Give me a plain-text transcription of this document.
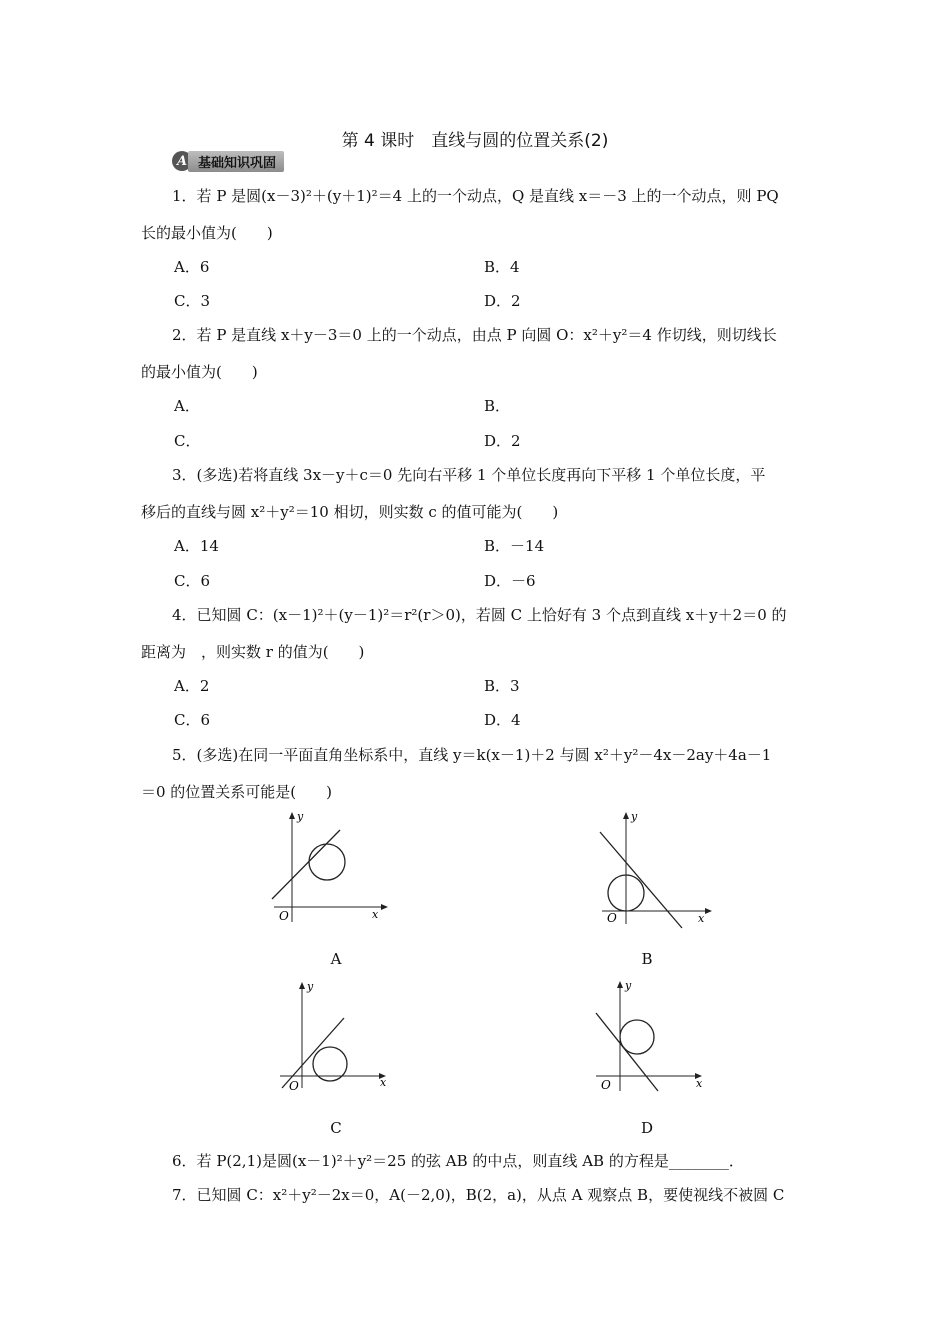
第 4 课时　直线与圆的位置关系(2)
A 基础知识巩固
1．若 P 是圆(x－3)²＋(y＋1)²＝4 上的一个动点，Q 是直线 x＝－3 上的一个动点，则 PQ
长的最小值为(　　)
A．6	B．4
C．3	D．2
2．若 P 是直线 x＋y－3＝0 上的一个动点，由点 P 向圆 O：x²＋y²＝4 作切线，则切线长
的最小值为(　　)
A．	B．
C．	D．2
3．(多选)若将直线 3x－y＋c＝0 先向右平移 1 个单位长度再向下平移 1 个单位长度，平
移后的直线与圆 x²＋y²＝10 相切，则实数 c 的值可能为(　　)
A．14	B．－14
C．6	D．－6
4．已知圆 C：(x－1)²＋(y－1)²＝r²(r＞0)，若圆 C 上恰好有 3 个点到直线 x＋y＋2＝0 的
距离为　，则实数 r 的值为(　　)
A．2	B．3
C．6	D．4
5．(多选)在同一平面直角坐标系中，直线 y＝k(x－1)＋2 与圆 x²＋y²－4x－2ay＋4a－1
＝0 的位置关系可能是(　　)
y
x
O
A
y
x
O
B
y
x
O
C
y
x
O
D
6．若 P(2,1)是圆(x－1)²＋y²＝25 的弦 AB 的中点，则直线 AB 的方程是________．
7．已知圆 C：x²＋y²－2x＝0，A(－2,0)，B(2，a)，从点 A 观察点 B，要使视线不被圆 C
